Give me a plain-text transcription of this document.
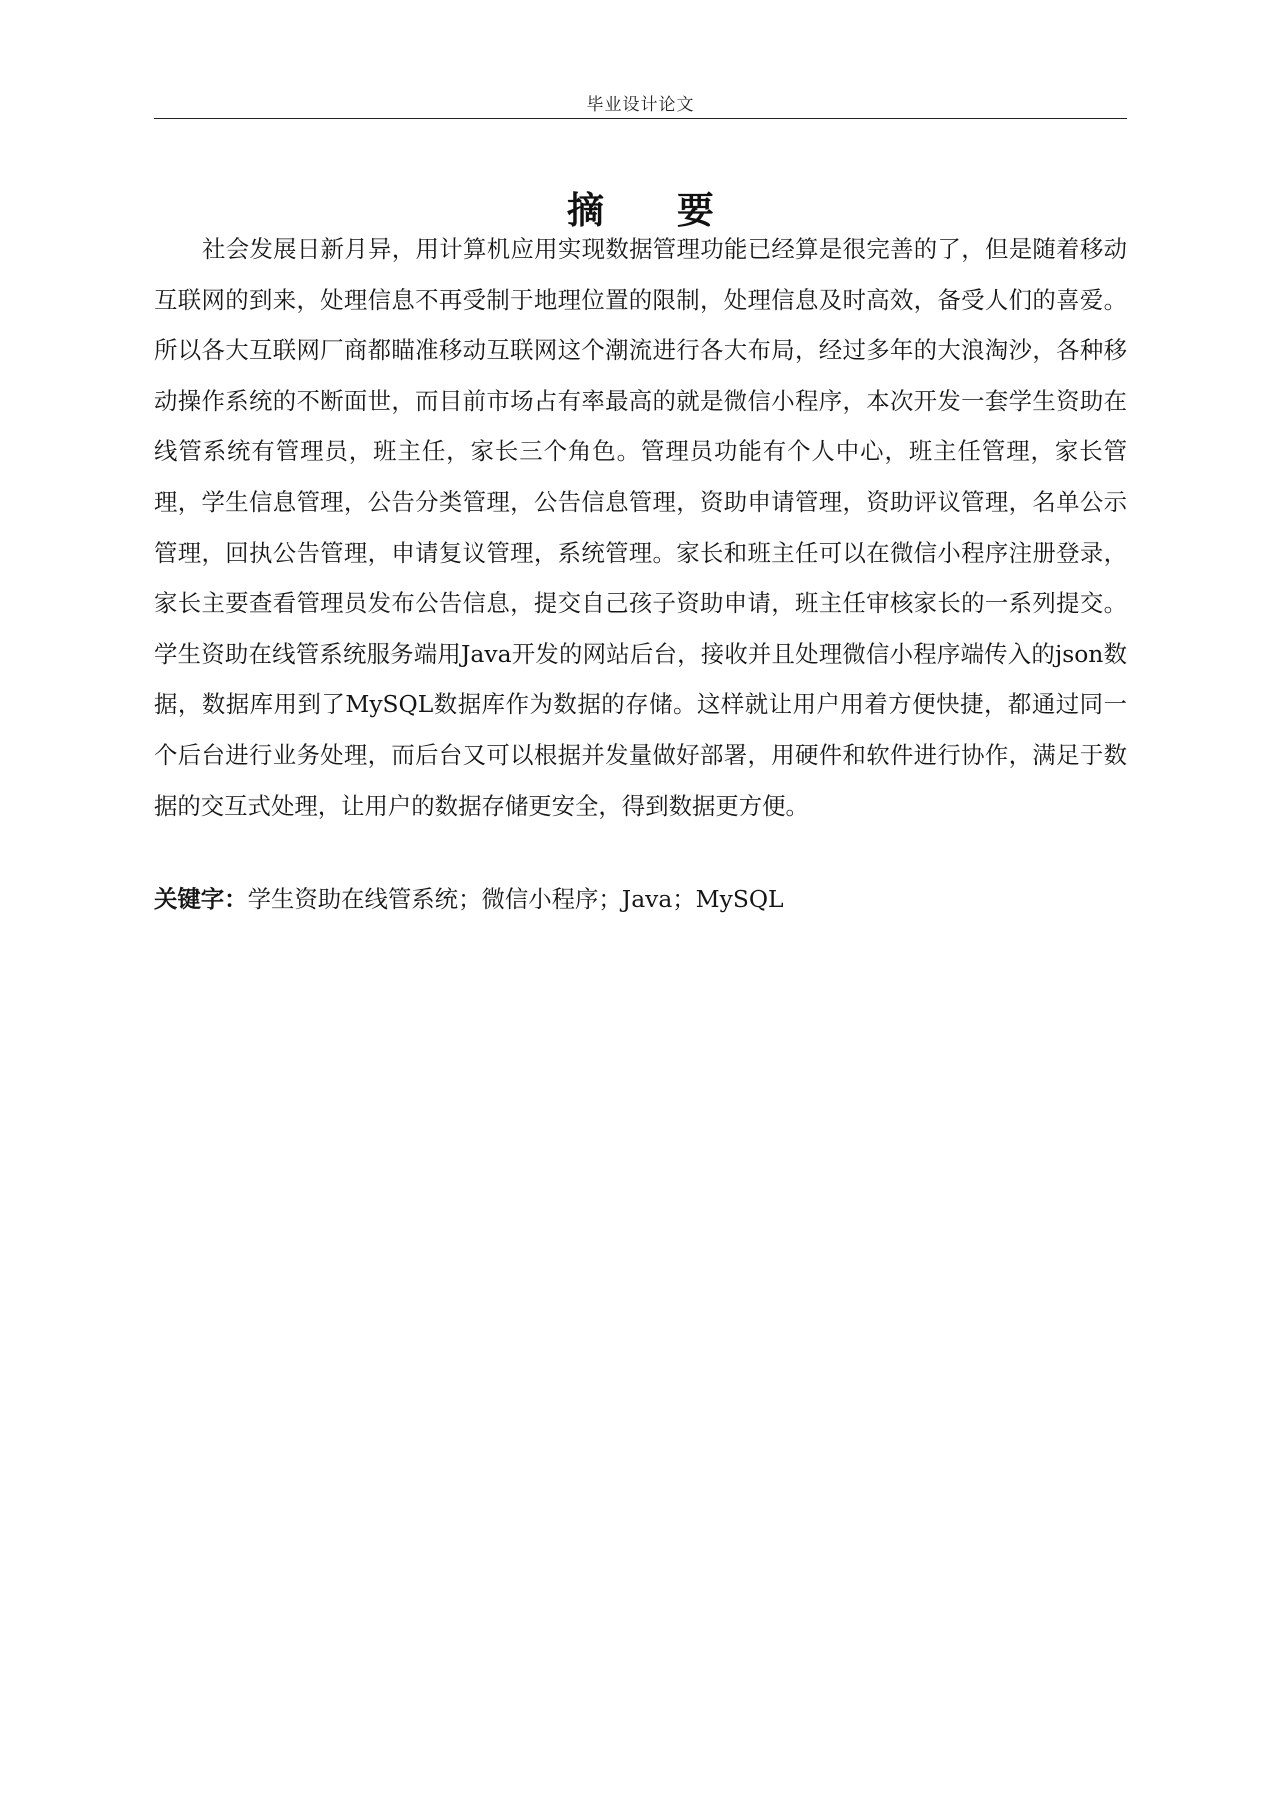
毕业设计论文
摘 要

社会发展日新月异，用计算机应用实现数据管理功能已经算是很完善的了，但是随着移动互联网的到来，处理信息不再受制于地理位置的限制，处理信息及时高效，备受人们的喜爱。所以各大互联网厂商都瞄准移动互联网这个潮流进行各大布局，经过多年的大浪淘沙，各种移动操作系统的不断面世，而目前市场占有率最高的就是微信小程序，本次开发一套学生资助在线管系统有管理员，班主任，家长三个角色。管理员功能有个人中心，班主任管理，家长管理，学生信息管理，公告分类管理，公告信息管理，资助申请管理，资助评议管理，名单公示管理，回执公告管理，申请复议管理，系统管理。家长和班主任可以在微信小程序注册登录，家长主要查看管理员发布公告信息，提交自己孩子资助申请，班主任审核家长的一系列提交。学生资助在线管系统服务端用Java开发的网站后台，接收并且处理微信小程序端传入的json数据，数据库用到了MySQL数据库作为数据的存储。这样就让用户用着方便快捷，都通过同一个后台进行业务处理，而后台又可以根据并发量做好部署，用硬件和软件进行协作，满足于数据的交互式处理，让用户的数据存储更安全，得到数据更方便。

关键字：学生资助在线管系统；微信小程序；Java；MySQL
